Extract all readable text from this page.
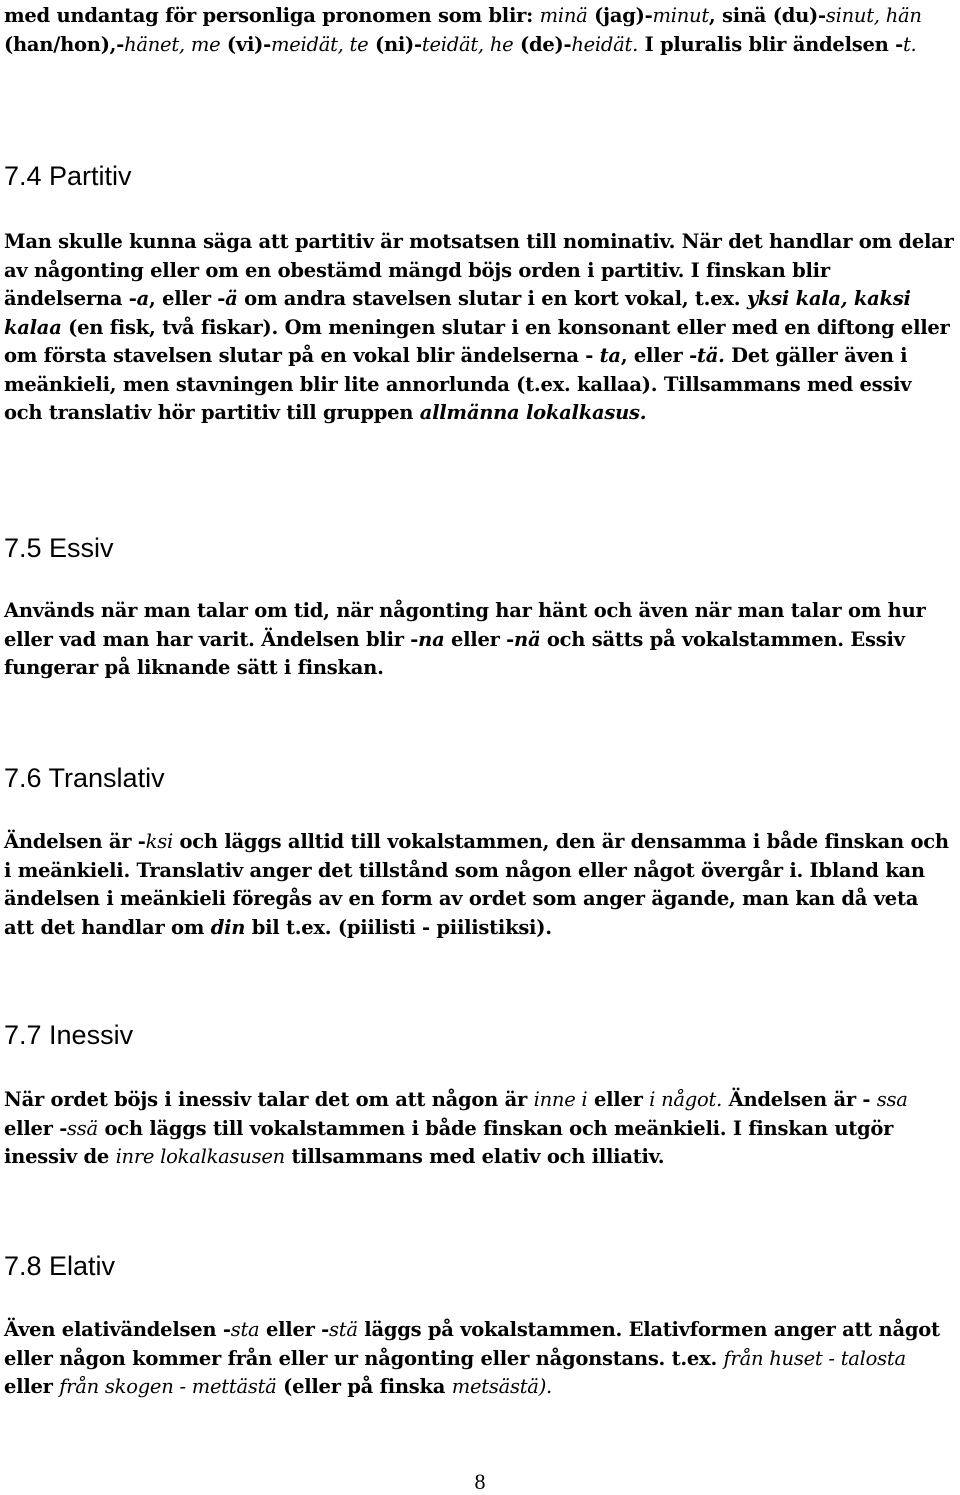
med undantag för personliga pronomen som blir: minä (jag)-minut, sinä (du)-sinut, hän (han/hon),-hänet, me (vi)-meidät, te (ni)-teidät, he (de)-heidät. I pluralis blir ändelsen -t.

7.4 Partitiv

Man skulle kunna säga att partitiv är motsatsen till nominativ. När det handlar om delar av någonting eller om en obestämd mängd böjs orden i partitiv. I finskan blir ändelserna -a, eller -ä om andra stavelsen slutar i en kort vokal, t.ex. yksi kala, kaksi kalaa (en fisk, två fiskar). Om meningen slutar i en konsonant eller med en diftong eller om första stavelsen slutar på en vokal blir ändelserna - ta, eller -tä. Det gäller även i meänkieli, men stavningen blir lite annorlunda (t.ex. kallaa). Tillsammans med essiv och translativ hör partitiv till gruppen allmänna lokalkasus.

7.5 Essiv

Används när man talar om tid, när någonting har hänt och även när man talar om hur eller vad man har varit. Ändelsen blir -na eller -nä och sätts på vokalstammen. Essiv fungerar på liknande sätt i finskan.

7.6 Translativ

Ändelsen är -ksi och läggs alltid till vokalstammen, den är densamma i både finskan och i meänkieli. Translativ anger det tillstånd som någon eller något övergår i. Ibland kan ändelsen i meänkieli föregås av en form av ordet som anger ägande, man kan då veta att det handlar om din bil t.ex. (piilisti - piilistiksi).

7.7 Inessiv

När ordet böjs i inessiv talar det om att någon är inne i eller i något. Ändelsen är - ssa eller -ssä och läggs till vokalstammen i både finskan och meänkieli. I finskan utgör inessiv de inre lokalkasusen tillsammans med elativ och illiativ.

7.8 Elativ

Även elativändelsen -sta eller -stä läggs på vokalstammen. Elativformen anger att något eller någon kommer från eller ur någonting eller någonstans. t.ex. från huset - talosta eller från skogen - mettästä (eller på finska metsästä).

8
